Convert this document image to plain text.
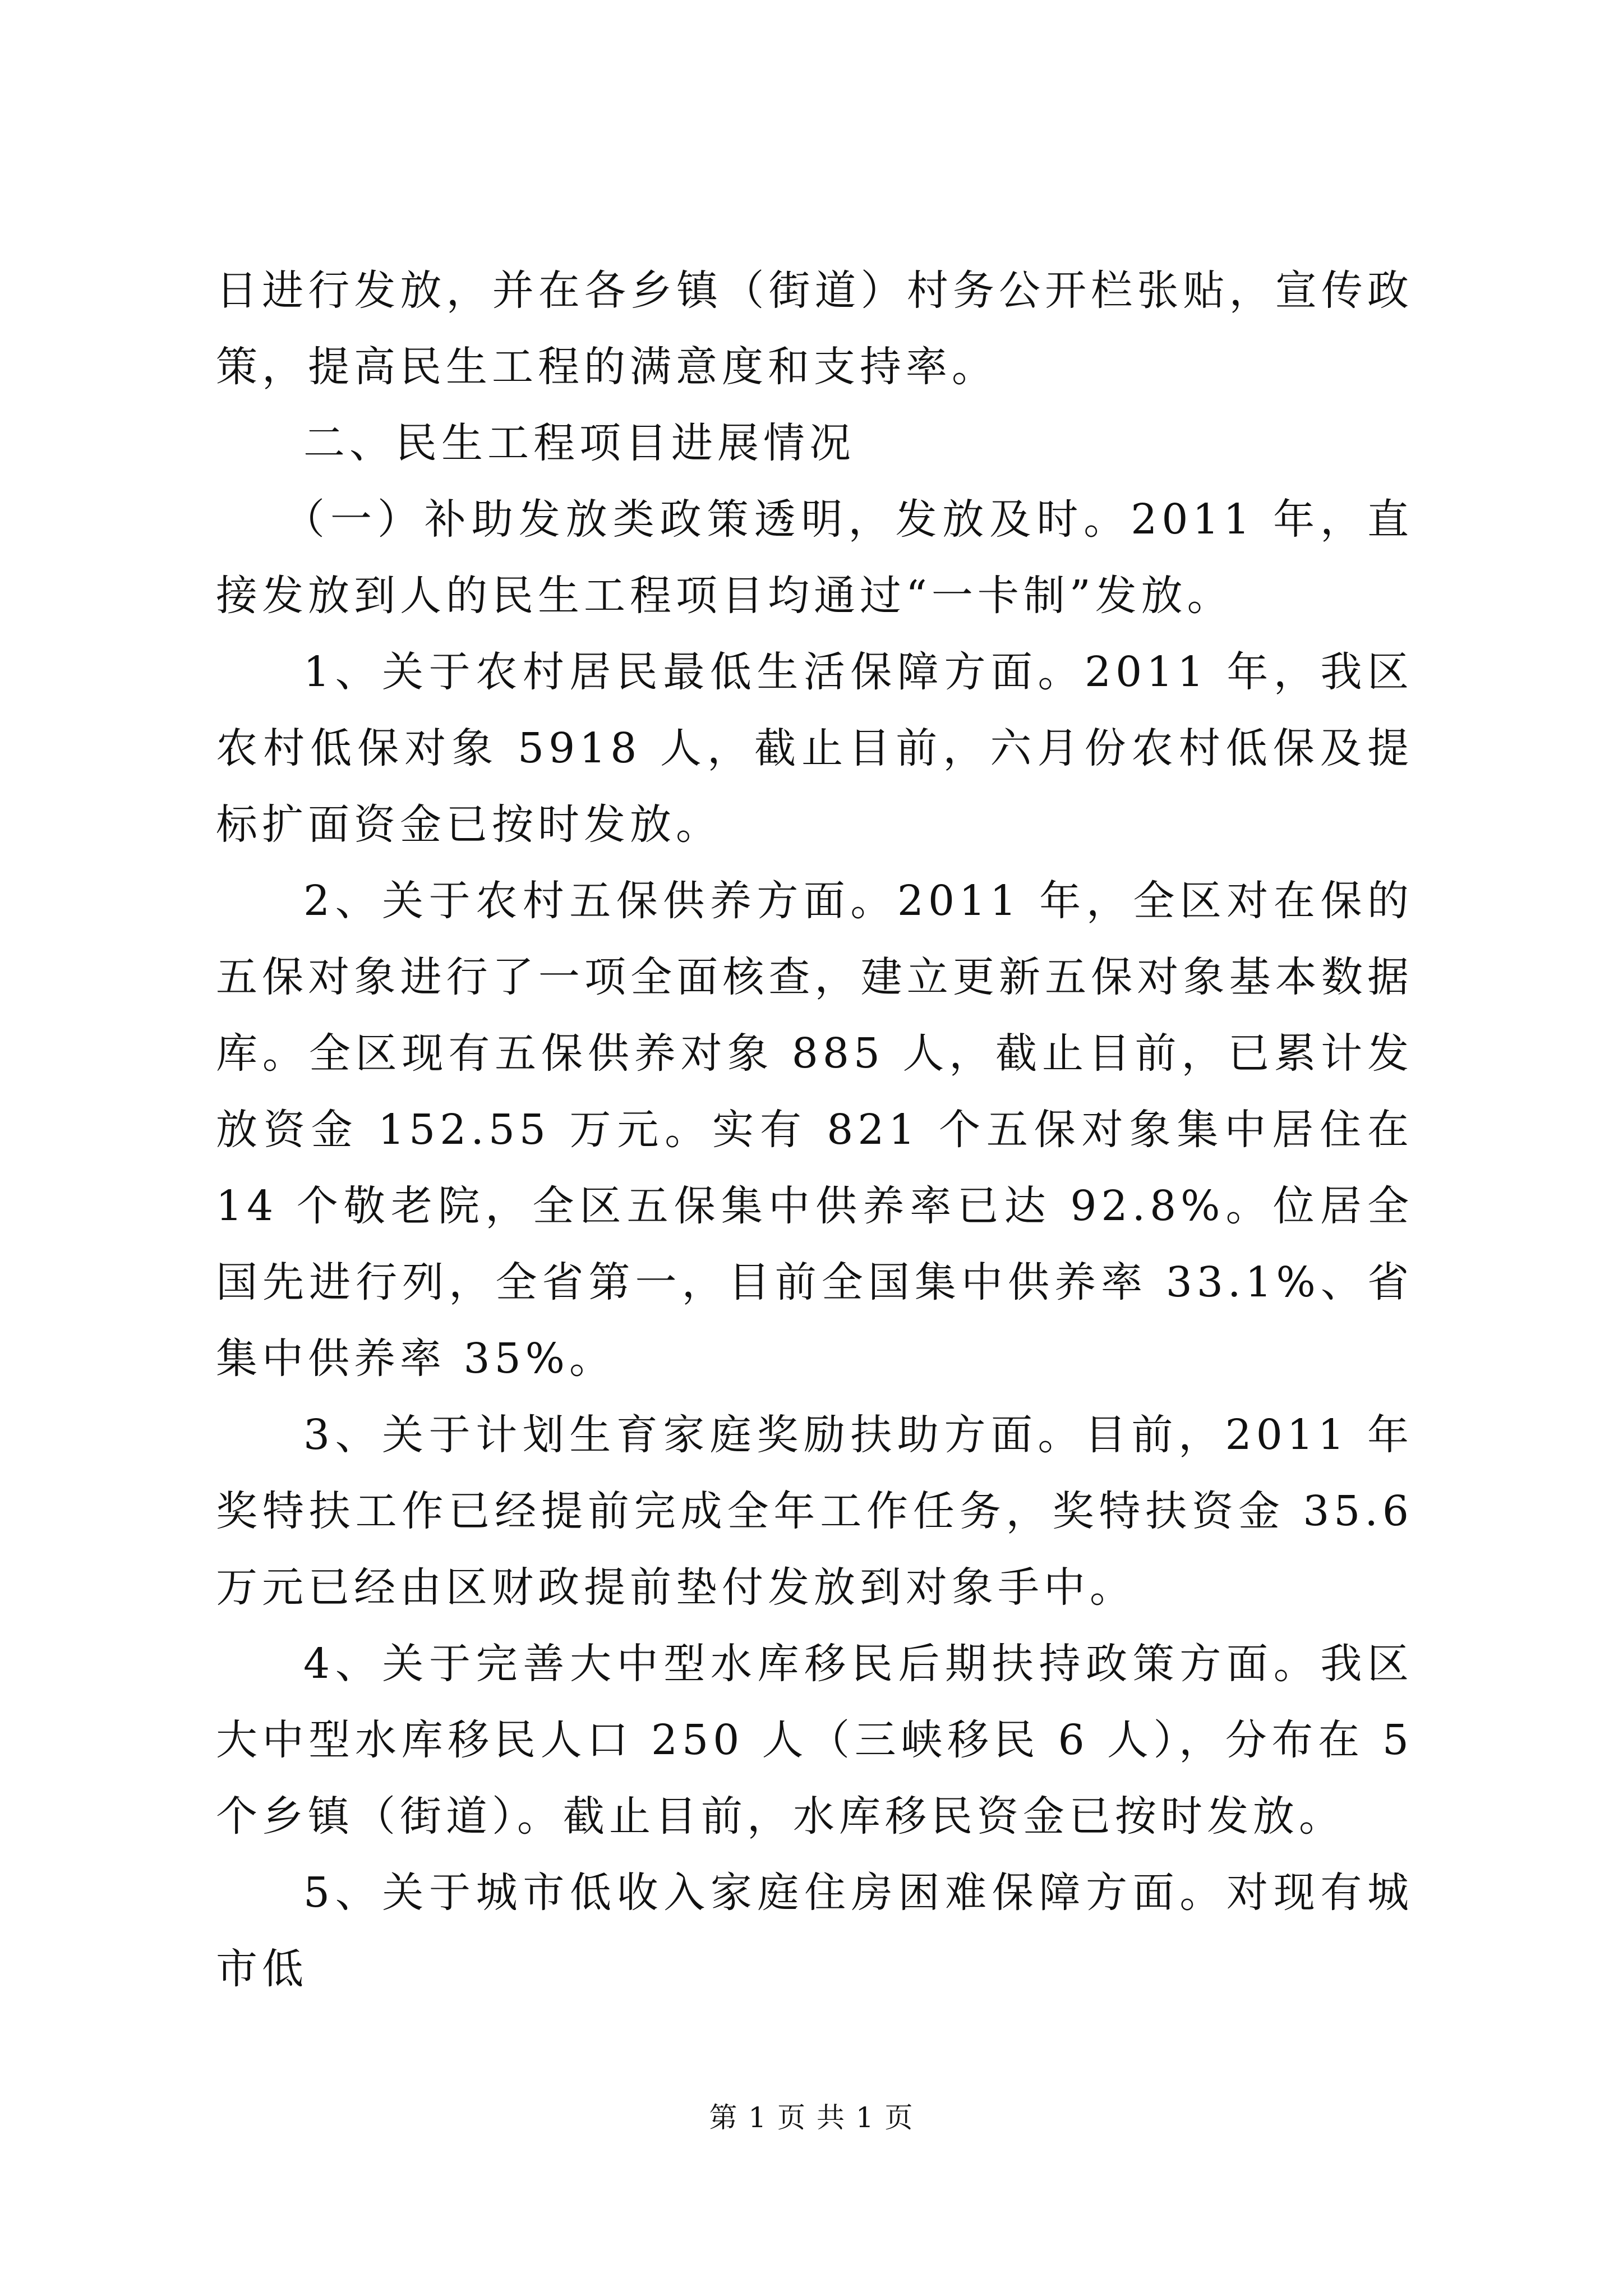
日进行发放，并在各乡镇（街道）村务公开栏张贴，宣传政策，提高民生工程的满意度和支持率。

二、民生工程项目进展情况

（一）补助发放类政策透明，发放及时。2011 年，直接发放到人的民生工程项目均通过“一卡制”发放。

1、关于农村居民最低生活保障方面。2011 年，我区农村低保对象 5918 人，截止目前，六月份农村低保及提标扩面资金已按时发放。

2、关于农村五保供养方面。2011 年，全区对在保的五保对象进行了一项全面核查，建立更新五保对象基本数据库。全区现有五保供养对象 885 人，截止目前，已累计发放资金 152.55 万元。实有 821 个五保对象集中居住在 14 个敬老院，全区五保集中供养率已达 92.8%。位居全国先进行列，全省第一，目前全国集中供养率 33.1%、省集中供养率 35%。

3、关于计划生育家庭奖励扶助方面。目前，2011 年奖特扶工作已经提前完成全年工作任务，奖特扶资金 35.6 万元已经由区财政提前垫付发放到对象手中。

4、关于完善大中型水库移民后期扶持政策方面。我区大中型水库移民人口 250 人（三峡移民 6 人），分布在 5 个乡镇（街道）。截止目前，水库移民资金已按时发放。

5、关于城市低收入家庭住房困难保障方面。对现有城市低

第 1 页 共 1 页
